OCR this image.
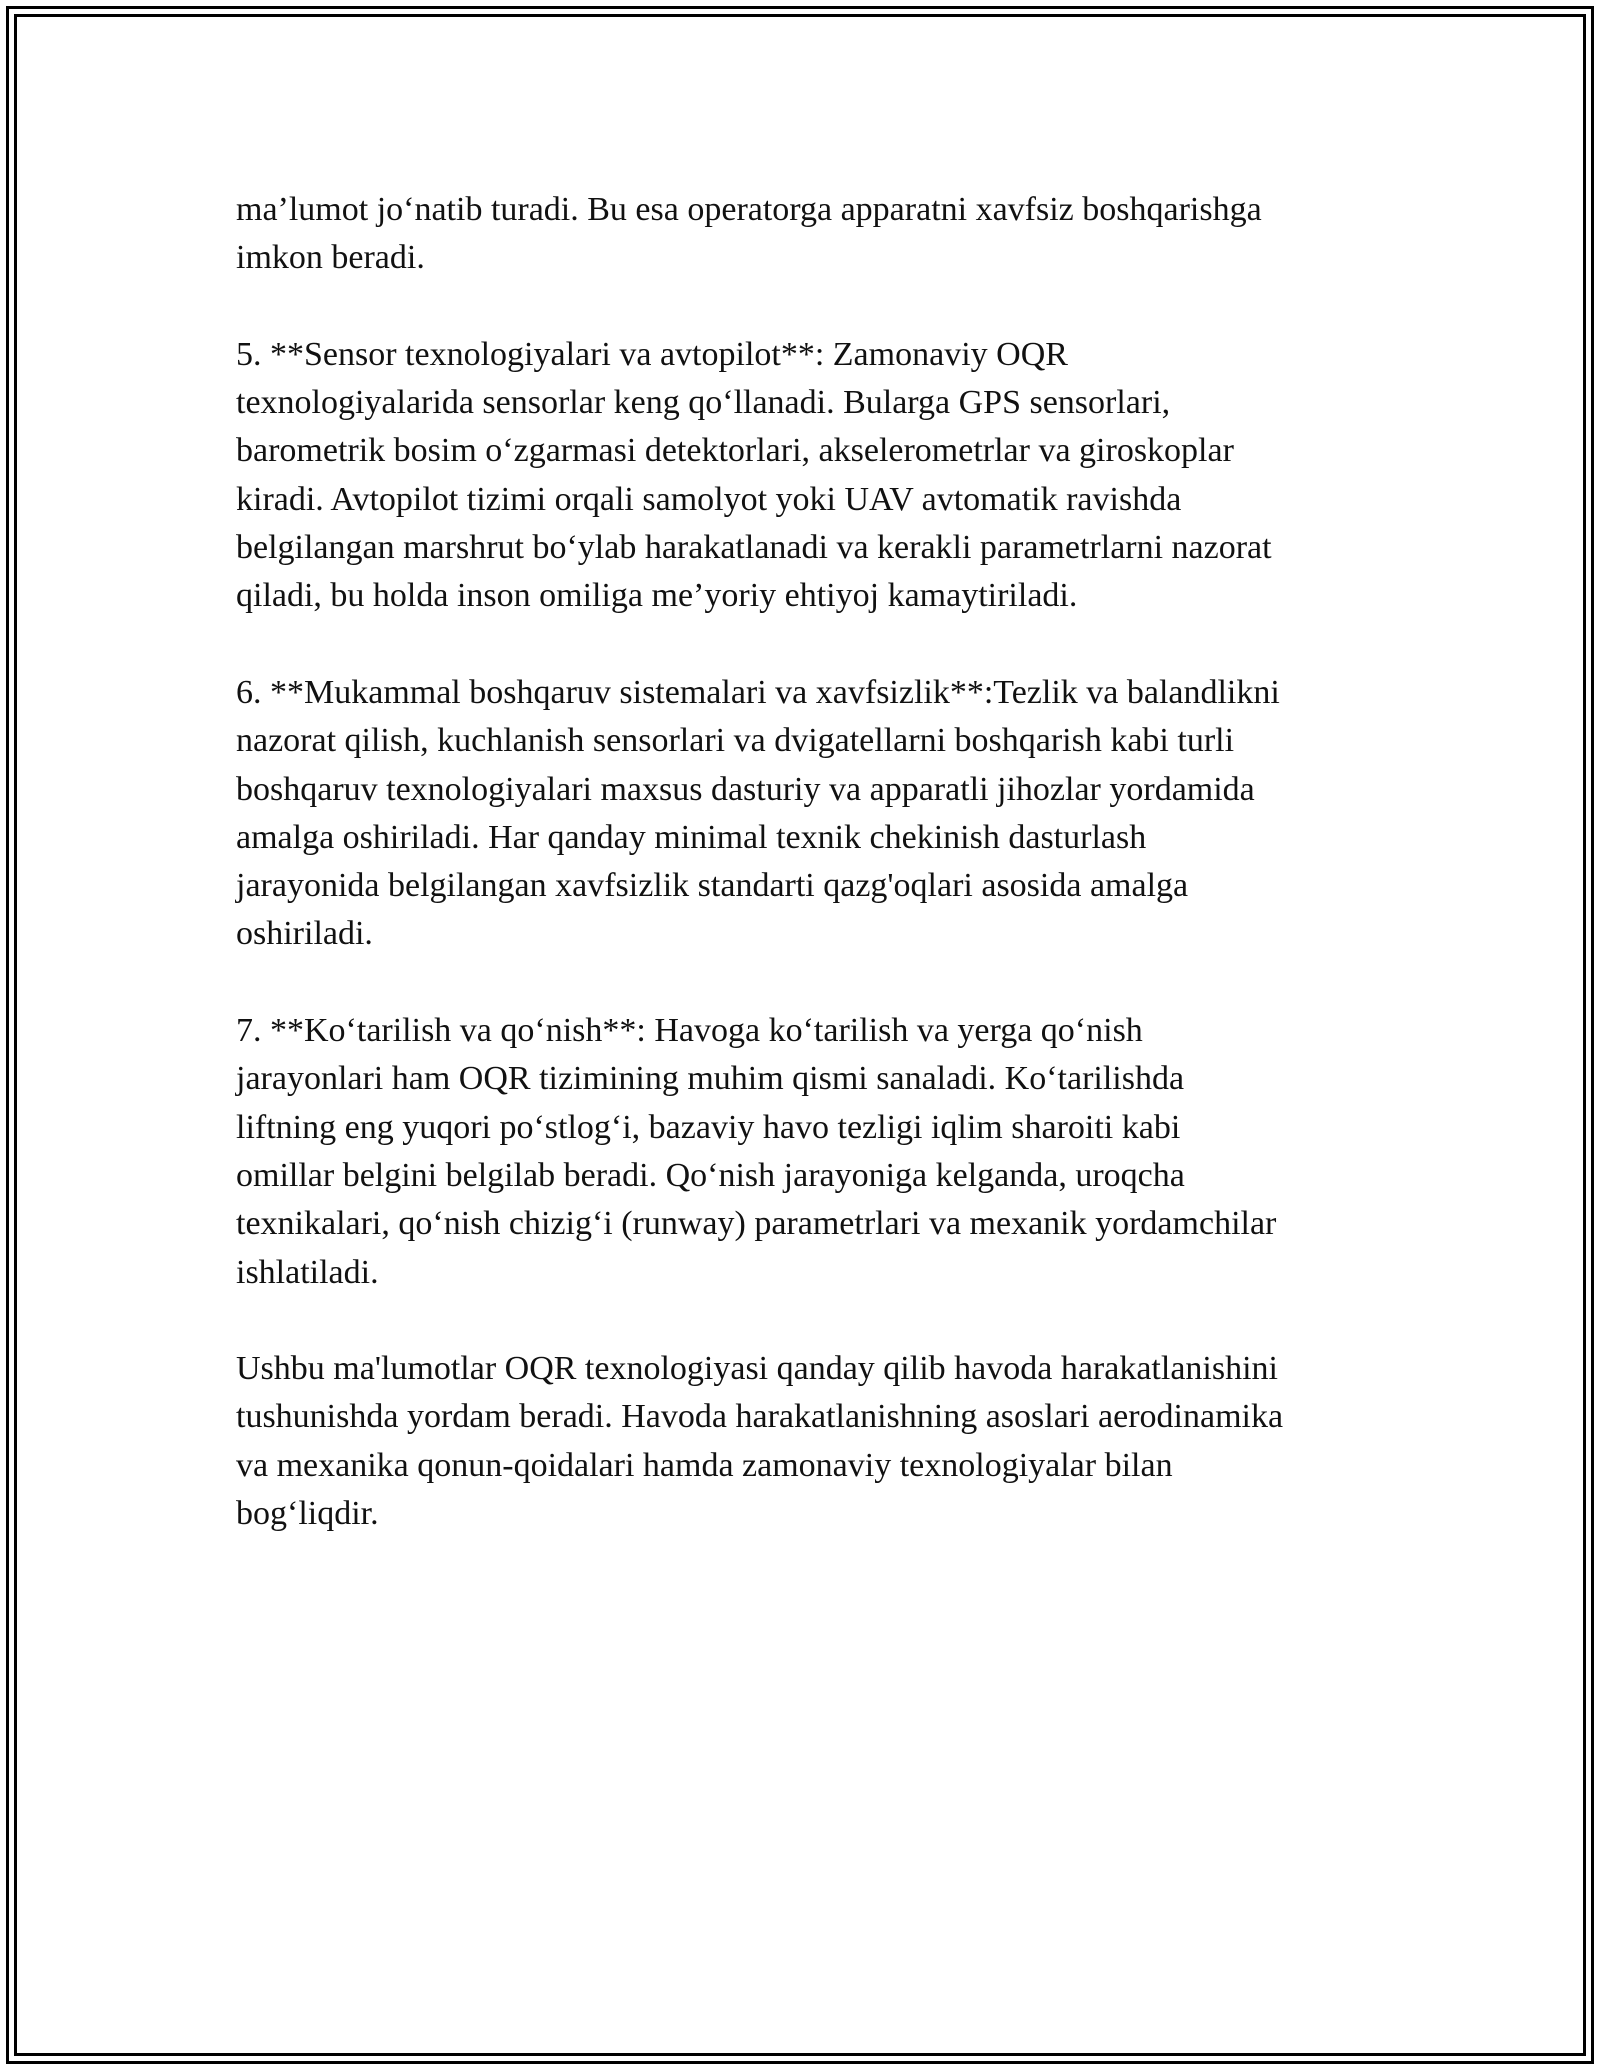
ma’lumot jo‘natib turadi. Bu esa operatorga apparatni xavfsiz boshqarishga
imkon beradi.

5. **Sensor texnologiyalari va avtopilot**: Zamonaviy OQR
texnologiyalarida sensorlar keng qo‘llanadi. Bularga GPS sensorlari,
barometrik bosim o‘zgarmasi detektorlari, akselerometrlar va giroskoplar
kiradi. Avtopilot tizimi orqali samolyot yoki UAV avtomatik ravishda
belgilangan marshrut bo‘ylab harakatlanadi va kerakli parametrlarni nazorat
qiladi, bu holda inson omiliga me’yoriy ehtiyoj kamaytiriladi.

6. **Mukammal boshqaruv sistemalari va xavfsizlik**:Tezlik va balandlikni
nazorat qilish, kuchlanish sensorlari va dvigatellarni boshqarish kabi turli
boshqaruv texnologiyalari maxsus dasturiy va apparatli jihozlar yordamida
amalga oshiriladi. Har qanday minimal texnik chekinish dasturlash
jarayonida belgilangan xavfsizlik standarti qazg'oqlari asosida amalga
oshiriladi.

7. **Ko‘tarilish va qo‘nish**: Havoga ko‘tarilish va yerga qo‘nish
jarayonlari ham OQR tizimining muhim qismi sanaladi. Ko‘tarilishda
liftning eng yuqori po‘stlog‘i, bazaviy havo tezligi iqlim sharoiti kabi
omillar belgini belgilab beradi. Qo‘nish jarayoniga kelganda, uroqcha
texnikalari, qo‘nish chizig‘i (runway) parametrlari va mexanik yordamchilar
ishlatiladi.

Ushbu ma'lumotlar OQR texnologiyasi qanday qilib havoda harakatlanishini
tushunishda yordam beradi. Havoda harakatlanishning asoslari aerodinamika
va mexanika qonun-qoidalari hamda zamonaviy texnologiyalar bilan
bog‘liqdir.
